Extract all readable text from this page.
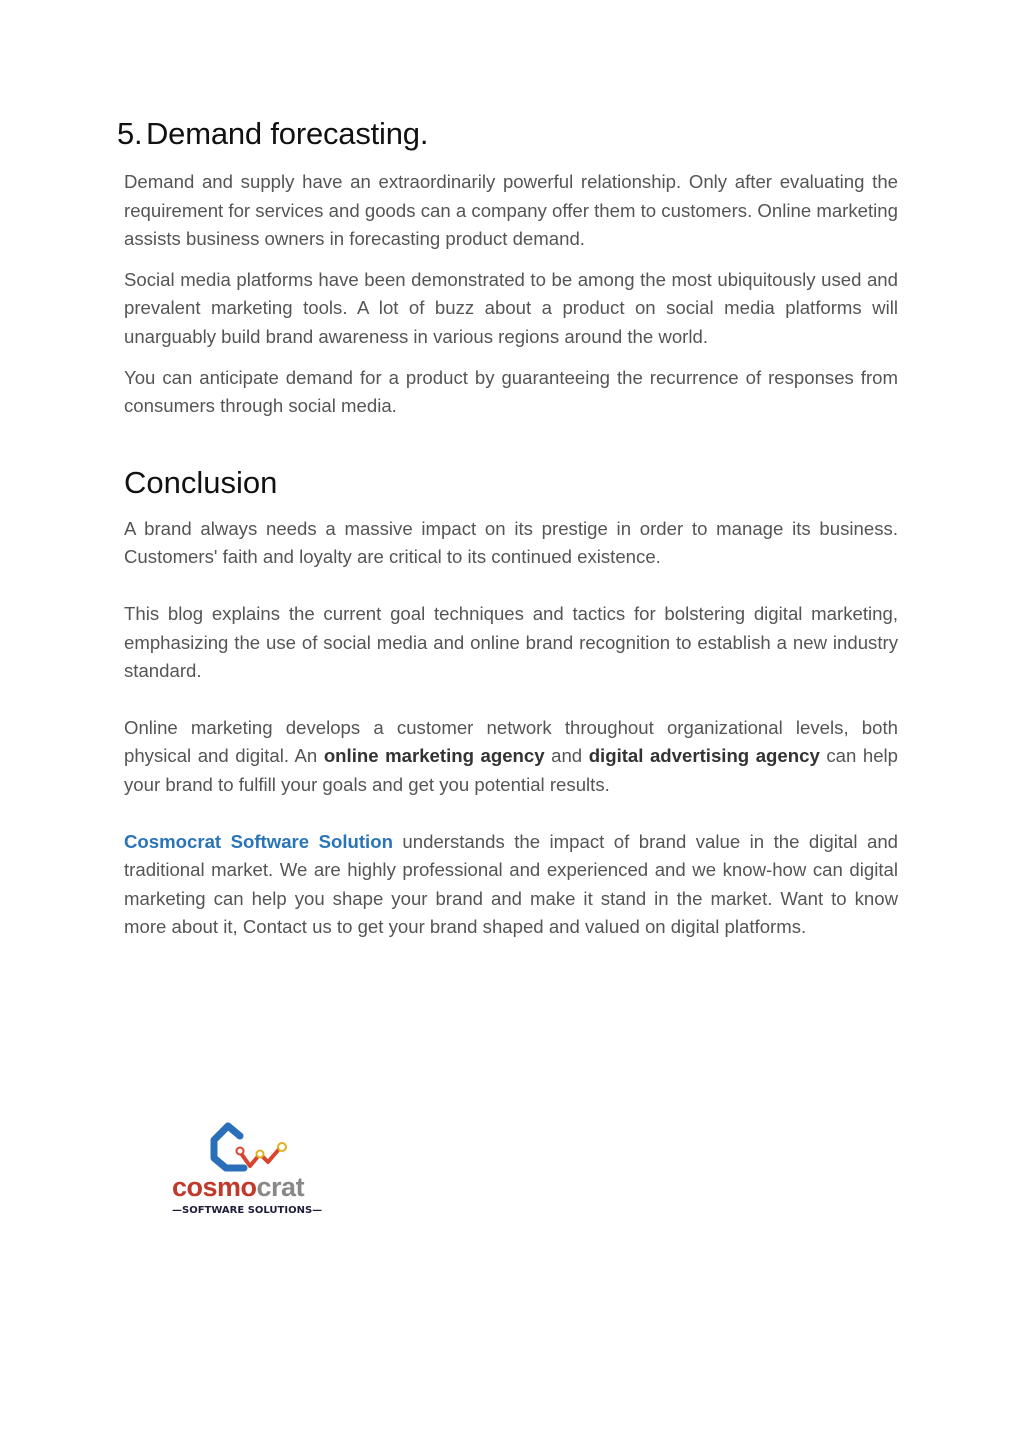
5. Demand forecasting.

Demand and supply have an extraordinarily powerful relationship. Only after evaluating the requirement for services and goods can a company offer them to customers. Online marketing assists business owners in forecasting product demand.

Social media platforms have been demonstrated to be among the most ubiquitously used and prevalent marketing tools. A lot of buzz about a product on social media platforms will unarguably build brand awareness in various regions around the world.

You can anticipate demand for a product by guaranteeing the recurrence of responses from consumers through social media.

Conclusion

A brand always needs a massive impact on its prestige in order to manage its business. Customers' faith and loyalty are critical to its continued existence.

This blog explains the current goal techniques and tactics for bolstering digital marketing, emphasizing the use of social media and online brand recognition to establish a new industry standard.

Online marketing develops a customer network throughout organizational levels, both physical and digital. An online marketing agency and digital advertising agency can help your brand to fulfill your goals and get you potential results.

Cosmocrat Software Solution understands the impact of brand value in the digital and traditional market. We are highly professional and experienced and we know-how can digital marketing can help you shape your brand and make it stand in the market. Want to know more about it, Contact us to get your brand shaped and valued on digital platforms.

cosmocrat
—SOFTWARE SOLUTIONS—
